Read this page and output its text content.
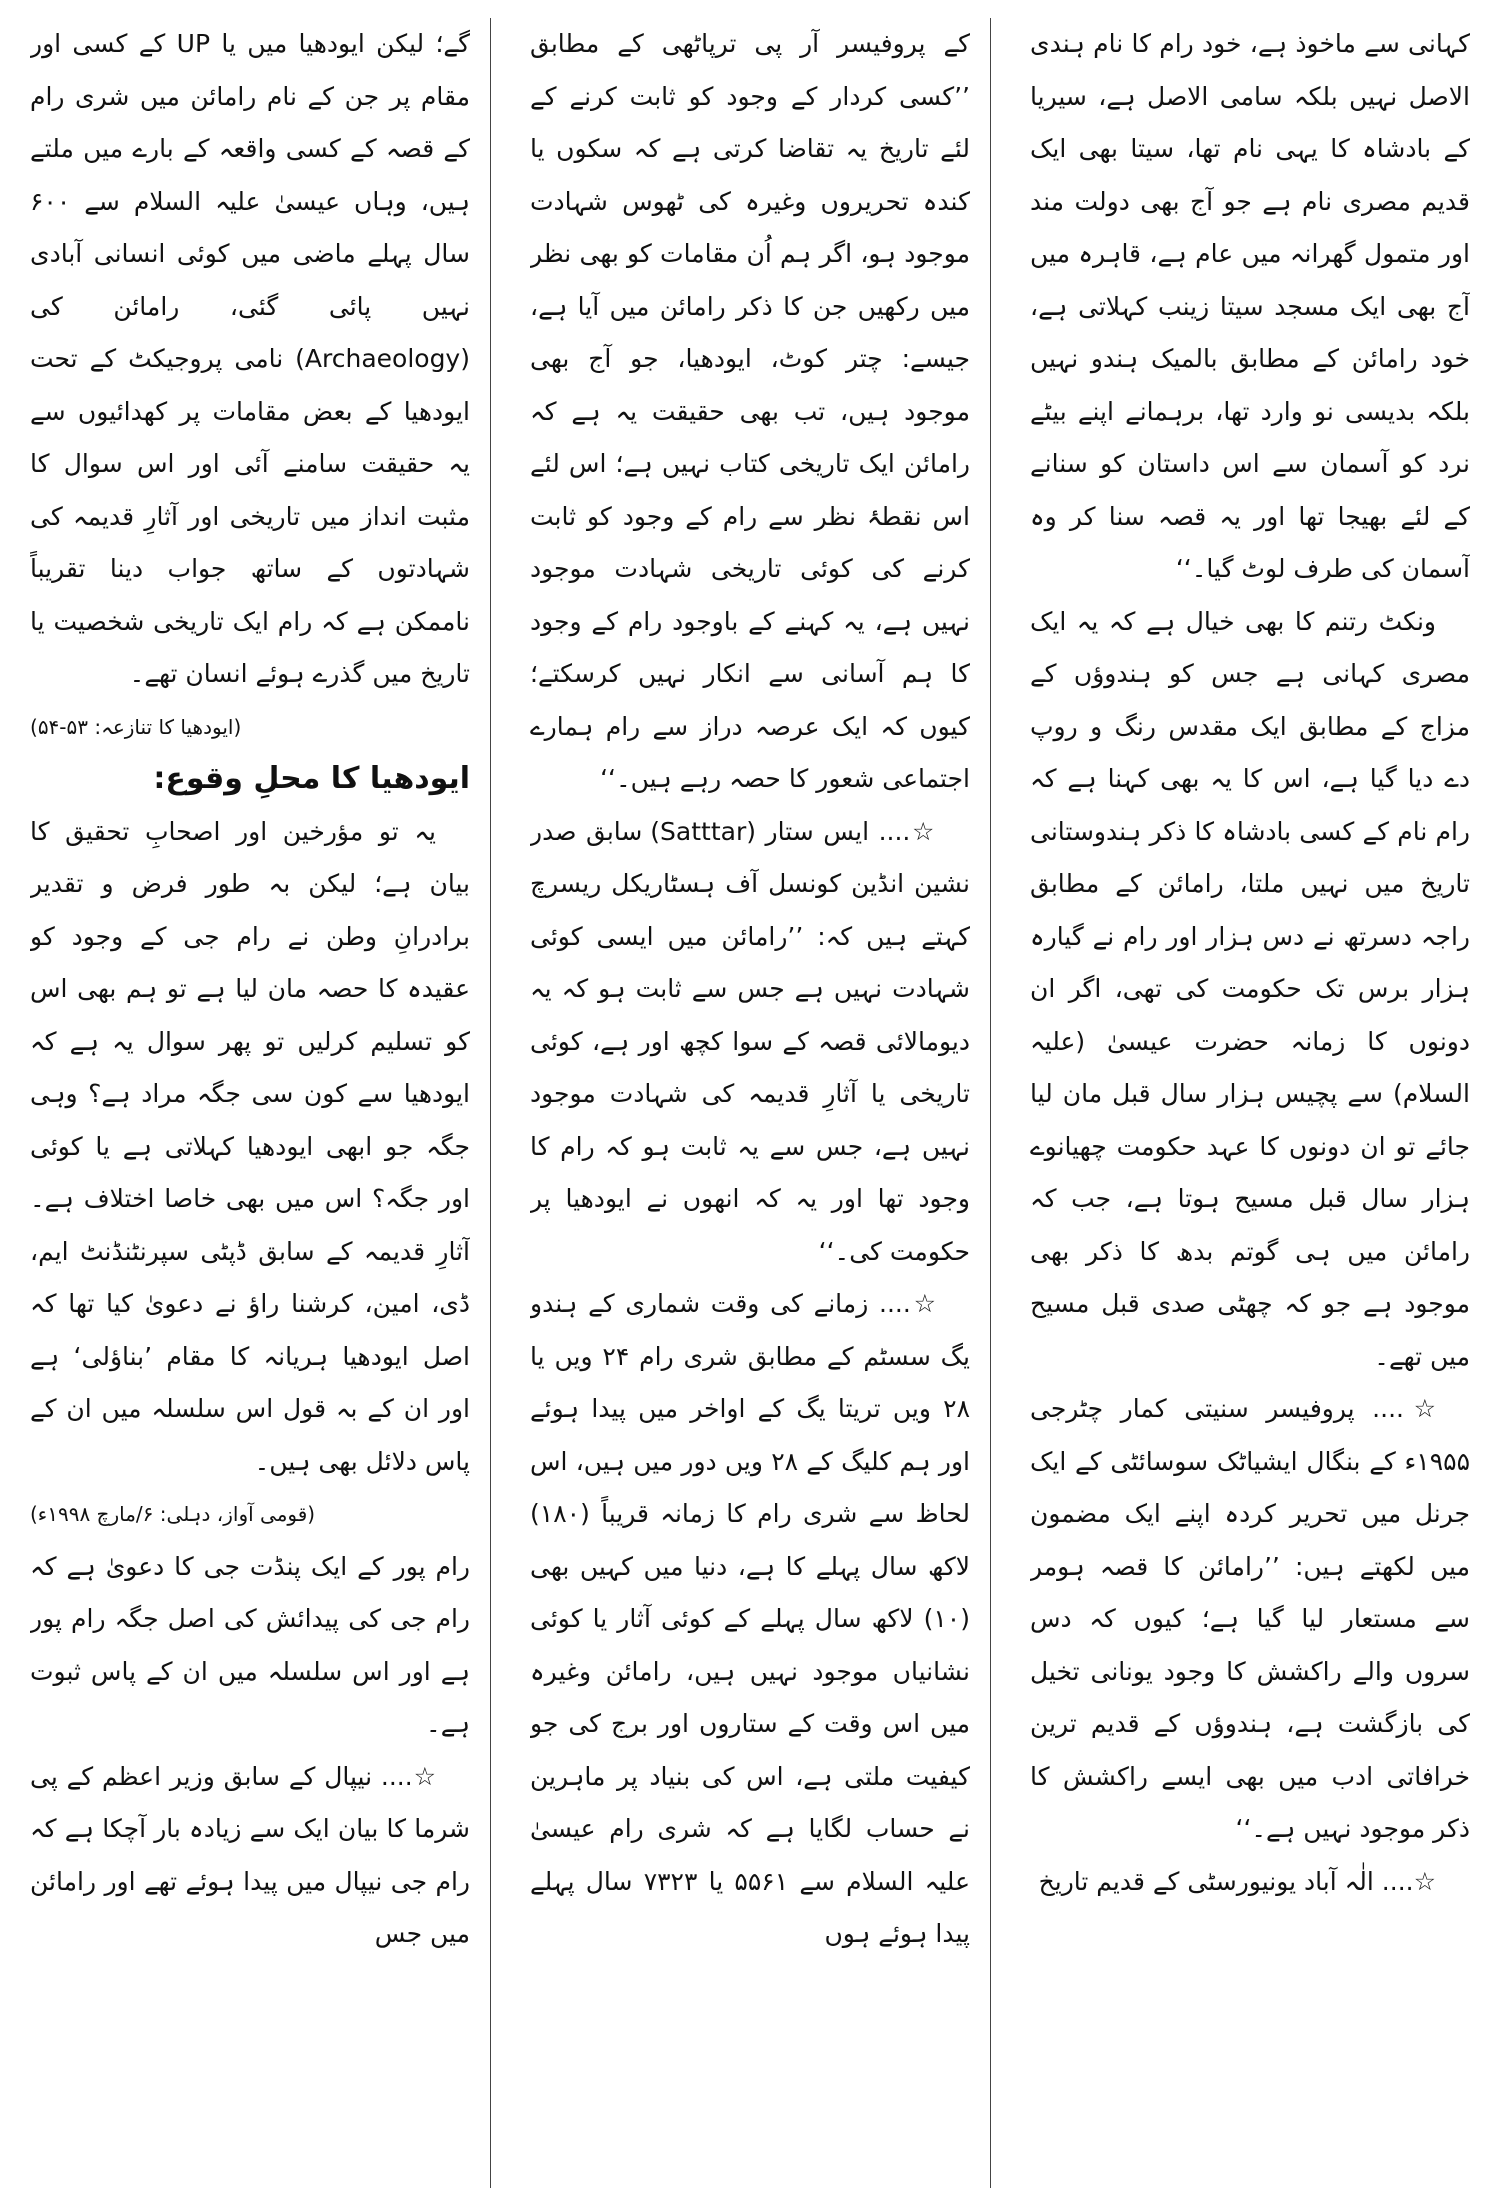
کہانی سے ماخوذ ہے، خود رام کا نام ہندی الاصل نہیں بلکہ سامی الاصل ہے، سیریا کے بادشاہ کا یہی نام تھا، سیتا بھی ایک قدیم مصری نام ہے جو آج بھی دولت مند اور متمول گھرانہ میں عام ہے، قاہرہ میں آج بھی ایک مسجد سیتا زینب کہلاتی ہے، خود رامائن کے مطابق بالمیک ہندو نہیں بلکہ بدیسی نو وارد تھا، برہمانے اپنے بیٹے نرد کو آسمان سے اس داستان کو سنانے کے لئے بھیجا تھا اور یہ قصہ سنا کر وہ آسمان کی طرف لوٹ گیا۔‘‘

ونکٹ رتنم کا بھی خیال ہے کہ یہ ایک مصری کہانی ہے جس کو ہندوؤں کے مزاج کے مطابق ایک مقدس رنگ و روپ دے دیا گیا ہے، اس کا یہ بھی کہنا ہے کہ رام نام کے کسی بادشاہ کا ذکر ہندوستانی تاریخ میں نہیں ملتا، رامائن کے مطابق راجہ دسرتھ نے دس ہزار اور رام نے گیارہ ہزار برس تک حکومت کی تھی، اگر ان دونوں کا زمانہ حضرت عیسیٰ (علیہ السلام) سے پچیس ہزار سال قبل مان لیا جائے تو ان دونوں کا عہد حکومت چھیانوے ہزار سال قبل مسیح ہوتا ہے، جب کہ رامائن میں ہی گوتم بدھ کا ذکر بھی موجود ہے جو کہ چھٹی صدی قبل مسیح میں تھے۔

☆.... پروفیسر سنیتی کمار چٹرجی ۱۹۵۵ء کے بنگال ایشیاٹک سوسائٹی کے ایک جرنل میں تحریر کردہ اپنے ایک مضمون میں لکھتے ہیں: ’’رامائن کا قصہ ہومر سے مستعار لیا گیا ہے؛ کیوں کہ دس سروں والے راکشش کا وجود یونانی تخیل کی بازگشت ہے، ہندوؤں کے قدیم ترین خرافاتی ادب میں بھی ایسے راکشش کا ذکر موجود نہیں ہے۔‘‘

☆.... الٰہ آباد یونیورسٹی کے قدیم تاریخ

کے پروفیسر آر پی ترپاٹھی کے مطابق ’’کسی کردار کے وجود کو ثابت کرنے کے لئے تاریخ یہ تقاضا کرتی ہے کہ سکوں یا کندہ تحریروں وغیرہ کی ٹھوس شہادت موجود ہو، اگر ہم اُن مقامات کو بھی نظر میں رکھیں جن کا ذکر رامائن میں آیا ہے، جیسے: چتر کوٹ، ایودھیا، جو آج بھی موجود ہیں، تب بھی حقیقت یہ ہے کہ رامائن ایک تاریخی کتاب نہیں ہے؛ اس لئے اس نقطۂ نظر سے رام کے وجود کو ثابت کرنے کی کوئی تاریخی شہادت موجود نہیں ہے، یہ کہنے کے باوجود رام کے وجود کا ہم آسانی سے انکار نہیں کرسکتے؛ کیوں کہ ایک عرصہ دراز سے رام ہمارے اجتماعی شعور کا حصہ رہے ہیں۔‘‘

☆.... ایس ستار (Satttar) سابق صدر نشین انڈین کونسل آف ہسٹاریکل ریسرچ کہتے ہیں کہ: ’’رامائن میں ایسی کوئی شہادت نہیں ہے جس سے ثابت ہو کہ یہ دیومالائی قصہ کے سوا کچھ اور ہے، کوئی تاریخی یا آثارِ قدیمہ کی شہادت موجود نہیں ہے، جس سے یہ ثابت ہو کہ رام کا وجود تھا اور یہ کہ انھوں نے ایودھیا پر حکومت کی۔‘‘

☆.... زمانے کی وقت شماری کے ہندو یگ سسٹم کے مطابق شری رام ۲۴ ویں یا ۲۸ ویں تریتا یگ کے اواخر میں پیدا ہوئے اور ہم کلیگ کے ۲۸ ویں دور میں ہیں، اس لحاظ سے شری رام کا زمانہ قریباً (۱۸۰) لاکھ سال پہلے کا ہے، دنیا میں کہیں بھی (۱۰) لاکھ سال پہلے کے کوئی آثار یا کوئی نشانیاں موجود نہیں ہیں، رامائن وغیرہ میں اس وقت کے ستاروں اور برج کی جو کیفیت ملتی ہے، اس کی بنیاد پر ماہرین نے حساب لگایا ہے کہ شری رام عیسیٰ علیہ السلام سے ۵۵۶۱ یا ۷۳۲۳ سال پہلے پیدا ہوئے ہوں

گے؛ لیکن ایودھیا میں یا UP کے کسی اور مقام پر جن کے نام رامائن میں شری رام کے قصہ کے کسی واقعہ کے بارے میں ملتے ہیں، وہاں عیسیٰ علیہ السلام سے ۶۰۰ سال پہلے ماضی میں کوئی انسانی آبادی نہیں پائی گئی، رامائن کی (Archaeology) نامی پروجیکٹ کے تحت ایودھیا کے بعض مقامات پر کھدائیوں سے یہ حقیقت سامنے آئی اور اس سوال کا مثبت انداز میں تاریخی اور آثارِ قدیمہ کی شہادتوں کے ساتھ جواب دینا تقریباً ناممکن ہے کہ رام ایک تاریخی شخصیت یا تاریخ میں گذرے ہوئے انسان تھے۔

(ایودھیا کا تنازعہ: ۵۳-۵۴)

ایودھیا کا محلِ وقوع:

یہ تو مؤرخین اور اصحابِ تحقیق کا بیان ہے؛ لیکن بہ طور فرض و تقدیر برادرانِ وطن نے رام جی کے وجود کو عقیدہ کا حصہ مان لیا ہے تو ہم بھی اس کو تسلیم کرلیں تو پھر سوال یہ ہے کہ ایودھیا سے کون سی جگہ مراد ہے؟ وہی جگہ جو ابھی ایودھیا کہلاتی ہے یا کوئی اور جگہ؟ اس میں بھی خاصا اختلاف ہے۔ آثارِ قدیمہ کے سابق ڈپٹی سپرنٹنڈنٹ ایم، ڈی، امین، کرشنا راؤ نے دعویٰ کیا تھا کہ اصل ایودھیا ہریانہ کا مقام ’بناؤلی‘ ہے اور ان کے بہ قول اس سلسلہ میں ان کے پاس دلائل بھی ہیں۔

(قومی آواز، دہلی: ۶/مارچ ۱۹۹۸ء)

رام پور کے ایک پنڈت جی کا دعویٰ ہے کہ رام جی کی پیدائش کی اصل جگہ رام پور ہے اور اس سلسلہ میں ان کے پاس ثبوت ہے۔

☆.... نیپال کے سابق وزیر اعظم کے پی شرما کا بیان ایک سے زیادہ بار آچکا ہے کہ رام جی نیپال میں پیدا ہوئے تھے اور رامائن میں جس
